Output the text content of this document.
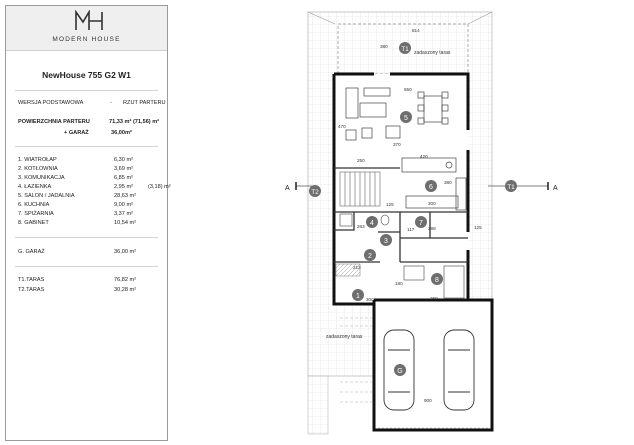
MODERN HOUSE
NewHouse 755 G2 W1
WERSJA PODSTAWOWA	- RZUT PARTERU
POWIERZCHNIA PARTERU	71,33 m² (71,56) m²
+ GARAŻ	36,00m²
1. WIATROŁAP	6,30 m²
2. KOTŁOWNIA	3,69 m²
3. KOMUNIKACJA	6,85 m²
4. ŁAZIENKA	2,95 m²	(3,18) m²
5. SALON / JADALNIA	28,63 m²
6. KUCHNIA	9,00 m²
7. SPIŻARNIA	3,37 m²
8. GABINET	10,54 m²
G. GARAŻ	36,00 m²
T1.TARAS	76,82 m²
T2.TARAS	30,28 m²
A	A
814
380
650
470
370
420
250
380
300
125
125
263	288
117
213
300	269
180
900
zadaszony taras
zadaszony taras
T1
T2
T1
5
6
4	7
3
2
8
1
G
